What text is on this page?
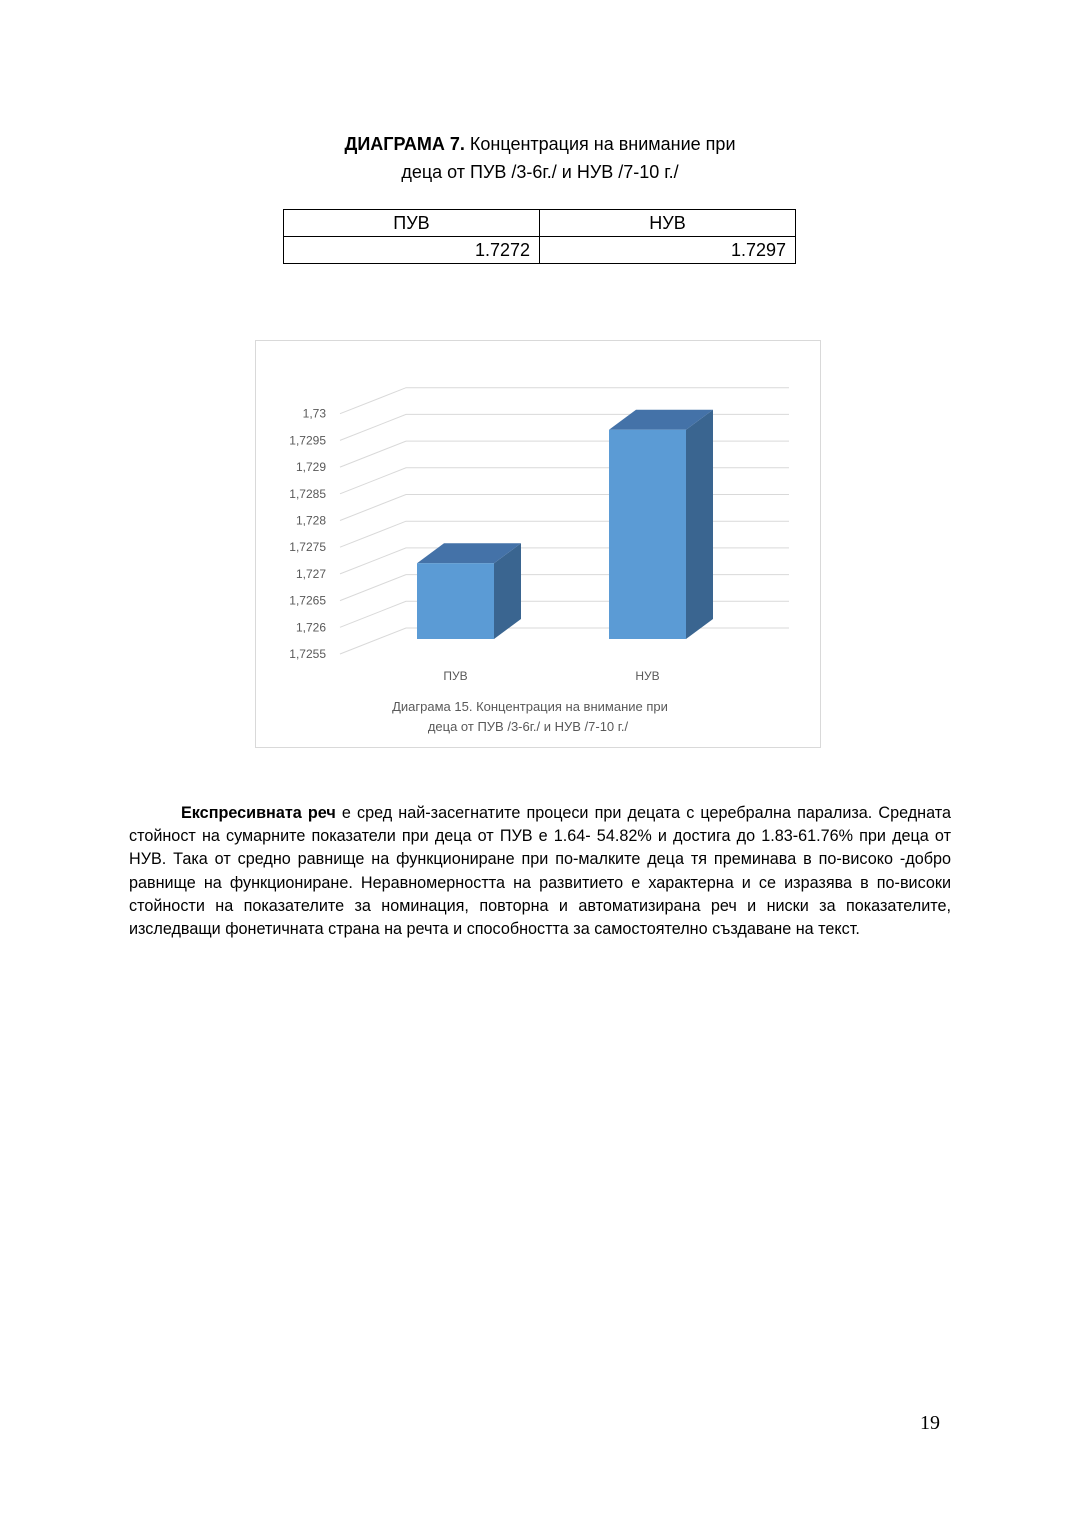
ДИАГРАМА 7. Концентрация на внимание при
деца от ПУВ /3-6г./ и НУВ /7-10 г./
ПУВ	НУВ
1.7272	1.7297
1,7255
1,726
1,7265
1,727
1,7275
1,728
1,7285
1,729
1,7295
1,73
ПУВ	НУВ
Диаграма 15. Концентрация на внимание при
деца от ПУВ /3-6г./ и НУВ /7-10 г./

Експресивната реч е сред най-засегнатите процеси при децата с церебрална парализа. Средната стойност на сумарните показатели при деца от ПУВ е 1.64- 54.82% и достига до 1.83-61.76% при деца от НУВ. Така от средно равнище на функциониране при по-малките деца тя преминава в по-високо -добро равнище на функциониране. Неравномерността на развитието е характерна и се изразява в по-високи стойности на показателите за номинация, повторна и автоматизирана реч и ниски за показателите, изследващи фонетичната страна на речта и способността за самостоятелно създаване на текст.

19
